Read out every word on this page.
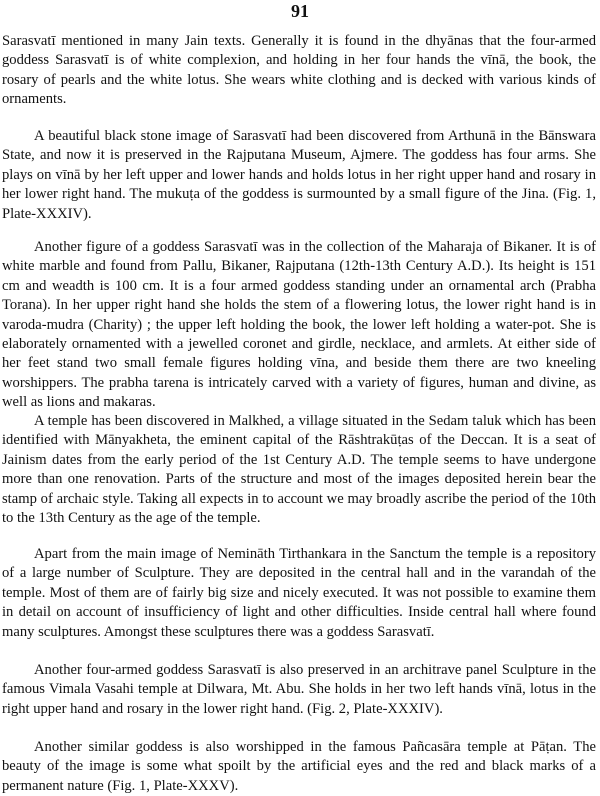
91

Sarasvatī mentioned in many Jain texts. Generally it is found in the dhyānas that the four-armed goddess Sarasvatī is of white complexion, and holding in her four hands the vīnā, the book, the rosary of pearls and the white lotus. She wears white clothing and is decked with various kinds of ornaments.

A beautiful black stone image of Sarasvatī had been discovered from Arthunā in the Bānswara State, and now it is preserved in the Rajputana Museum, Ajmere. The goddess has four arms. She plays on vīnā by her left upper and lower hands and holds lotus in her right upper hand and rosary in her lower right hand. The mukuṭa of the goddess is surmounted by a small figure of the Jina. (Fig. 1, Plate-XXXIV).

Another figure of a goddess Sarasvatī was in the collection of the Maharaja of Bikaner. It is of white marble and found from Pallu, Bikaner, Rajputana (12th-13th Century A.D.). Its height is 151 cm and weadth is 100 cm. It is a four armed goddess standing under an ornamental arch (Prabha Torana). In her upper right hand she holds the stem of a flowering lotus, the lower right hand is in varoda-mudra (Charity) ; the upper left holding the book, the lower left holding a water-pot. She is elaborately ornamented with a jewelled coronet and girdle, necklace, and armlets. At either side of her feet stand two small female figures holding vīna, and beside them there are two kneeling worshippers. The prabha tarena is intricately carved with a variety of figures, human and divine, as well as lions and makaras.

A temple has been discovered in Malkhed, a village situated in the Sedam taluk which has been identified with Mānyakheta, the eminent capital of the Rāshtrakūṭas of the Deccan. It is a seat of Jainism dates from the early period of the 1st Century A.D. The temple seems to have undergone more than one renovation. Parts of the structure and most of the images deposited herein bear the stamp of archaic style. Taking all expects in to account we may broadly ascribe the period of the 10th to the 13th Century as the age of the temple.

Apart from the main image of Nemināth Tirthankara in the Sanctum the temple is a repository of a large number of Sculpture. They are deposited in the central hall and in the varandah of the temple. Most of them are of fairly big size and nicely executed. It was not possible to examine them in detail on account of insufficiency of light and other difficulties. Inside central hall where found many sculptures. Amongst these sculptures there was a goddess Sarasvatī.

Another four-armed goddess Sarasvatī is also preserved in an architrave panel Sculpture in the famous Vimala Vasahi temple at Dilwara, Mt. Abu. She holds in her two left hands vīnā, lotus in the right upper hand and rosary in the lower right hand. (Fig. 2, Plate-XXXIV).

Another similar goddess is also worshipped in the famous Pañcasāra temple at Pāṭan. The beauty of the image is some what spoilt by the artificial eyes and the red and black marks of a permanent nature (Fig. 1, Plate-XXXV).
